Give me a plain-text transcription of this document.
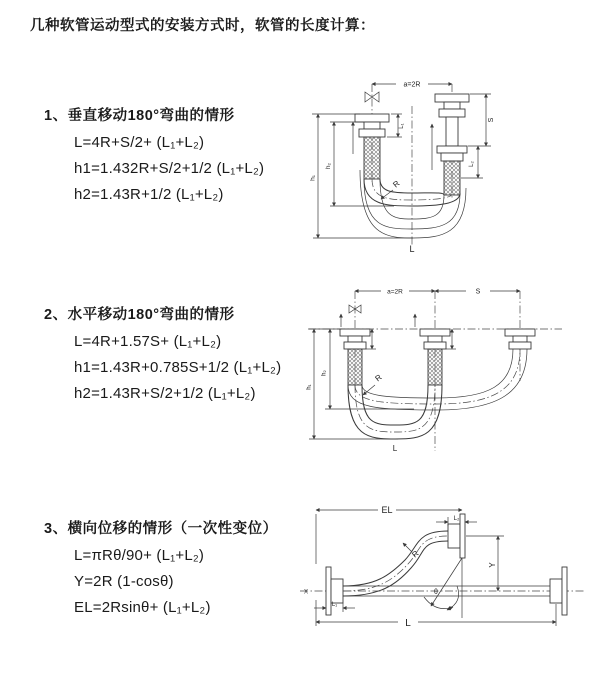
几种软管运动型式的安装方式时，软管的长度计算：
1、垂直移动180°弯曲的情形
L=4R+S/2+ (L₁+L₂)
h1=1.432R+S/2+1/2 (L₁+L₂)
h2=1.43R+1/2 (L₁+L₂)
2、水平移动180°弯曲的情形
L=4R+1.57S+ (L₁+L₂)
h1=1.43R+0.785S+1/2 (L₁+L₂)
h2=1.43R+S/2+1/2 (L₁+L₂)
3、横向位移的情形（一次性变位）
L=πRθ/90+ (L₁+L₂)
Y=2R (1-cosθ)
EL=2Rsinθ+ (L₁+L₂)
a=2R
h₁
h₂
L₁
S
L₂
R
L
a=2R	S
h₁
h₂	R
L
X
EL
L₂
Y
θ
R
L
L₁
